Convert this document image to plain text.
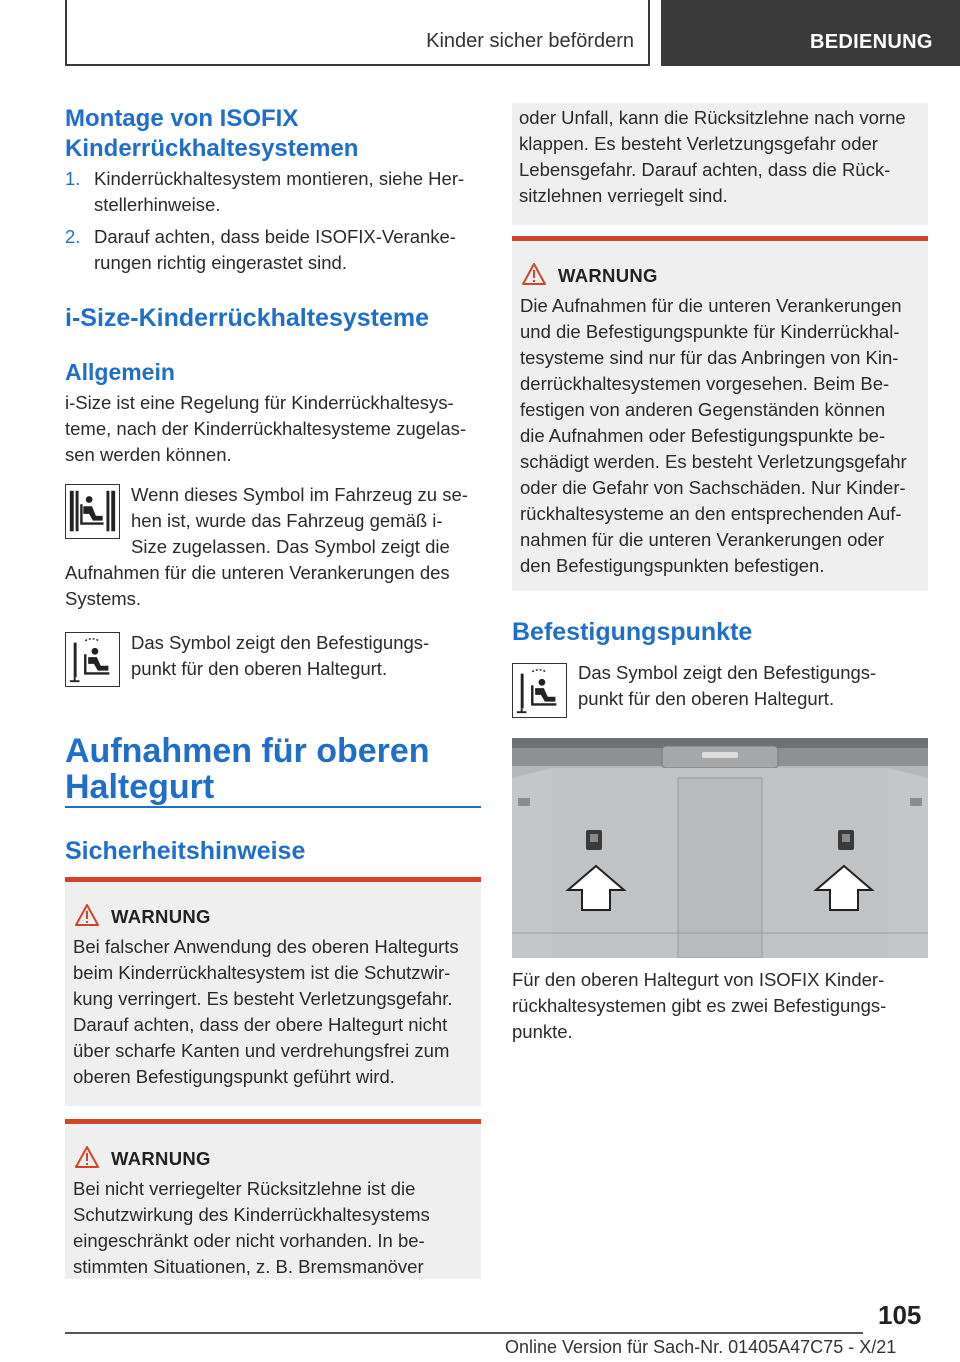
Kinder sicher befördern	BEDIENUNG
Montage von ISOFIX Kinderrückhaltesystemen
1. Kinderrückhaltesystem montieren, siehe Her-
stellerhinweise.
2. Darauf achten, dass beide ISOFIX-Veranke-
rungen richtig eingerastet sind.
i-Size-Kinderrückhaltesysteme
Allgemein
i-Size ist eine Regelung für Kinderrückhaltesys-
teme, nach der Kinderrückhaltesysteme zugelas-
sen werden können.
Wenn dieses Symbol im Fahrzeug zu se-
hen ist, wurde das Fahrzeug gemäß i-
Size zugelassen. Das Symbol zeigt die
Aufnahmen für die unteren Verankerungen des
Systems.
Das Symbol zeigt den Befestigungs-
punkt für den oberen Haltegurt.
Aufnahmen für oberen
Haltegurt
Sicherheitshinweise
WARNUNG
Bei falscher Anwendung des oberen Haltegurts
beim Kinderrückhaltesystem ist die Schutzwir-
kung verringert. Es besteht Verletzungsgefahr.
Darauf achten, dass der obere Haltegurt nicht
über scharfe Kanten und verdrehungsfrei zum
oberen Befestigungspunkt geführt wird.
WARNUNG
Bei nicht verriegelter Rücksitzlehne ist die
Schutzwirkung des Kinderrückhaltesystems
eingeschränkt oder nicht vorhanden. In be-
stimmten Situationen, z. B. Bremsmanöver
oder Unfall, kann die Rücksitzlehne nach vorne
klappen. Es besteht Verletzungsgefahr oder
Lebensgefahr. Darauf achten, dass die Rück-
sitzlehnen verriegelt sind.
WARNUNG
Die Aufnahmen für die unteren Verankerungen
und die Befestigungspunkte für Kinderrückhal-
tesysteme sind nur für das Anbringen von Kin-
derrückhaltesystemen vorgesehen. Beim Be-
festigen von anderen Gegenständen können
die Aufnahmen oder Befestigungspunkte be-
schädigt werden. Es besteht Verletzungsgefahr
oder die Gefahr von Sachschäden. Nur Kinder-
rückhaltesysteme an den entsprechenden Auf-
nahmen für die unteren Verankerungen oder
den Befestigungspunkten befestigen.
Befestigungspunkte
Das Symbol zeigt den Befestigungs-
punkt für den oberen Haltegurt.
Für den oberen Haltegurt von ISOFIX Kinder-
rückhaltesystemen gibt es zwei Befestigungs-
punkte.
105
Online Version für Sach-Nr. 01405A47C75 - X/21
